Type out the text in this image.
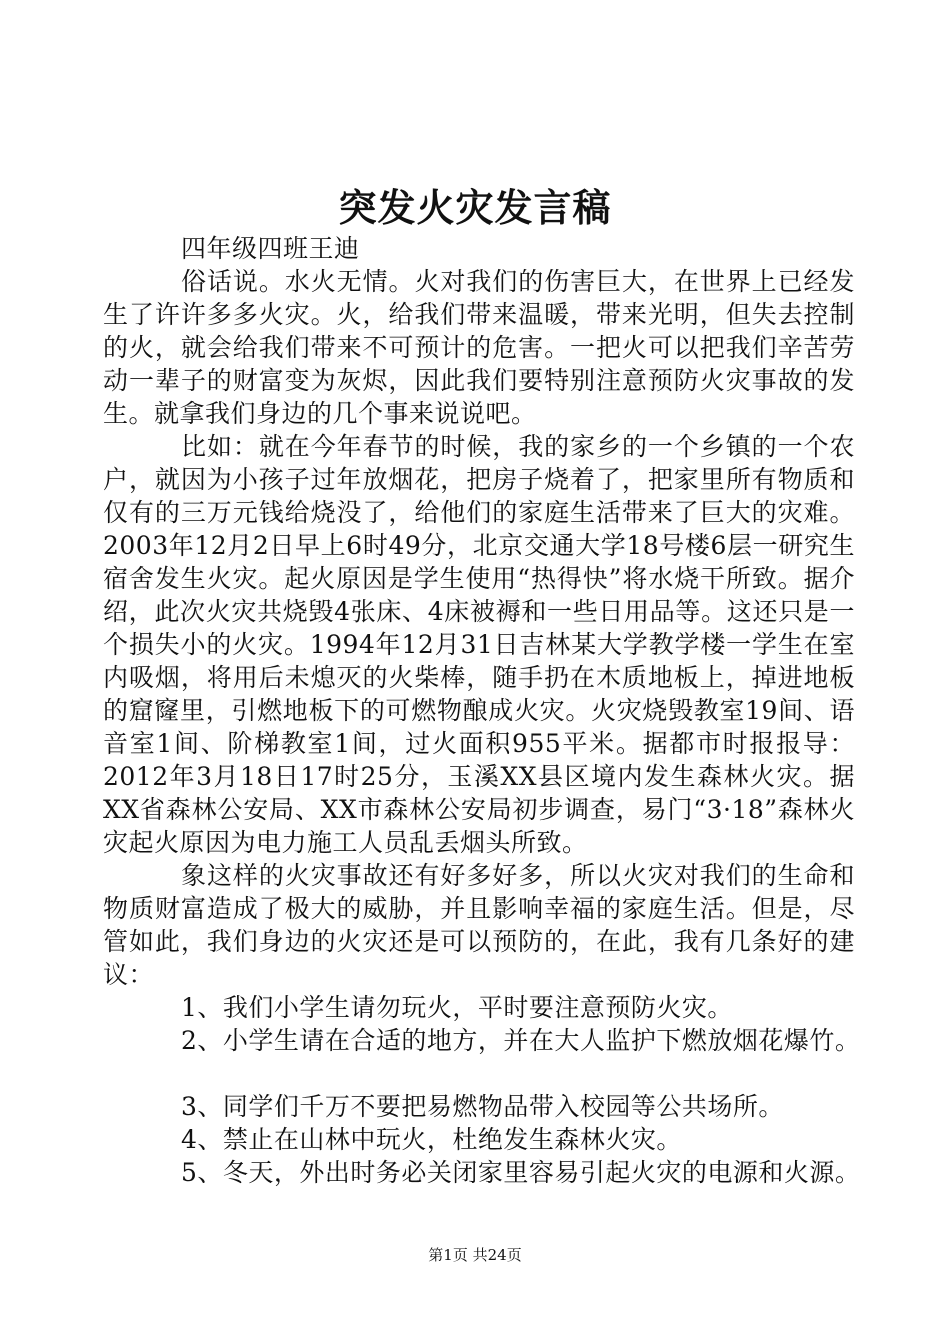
突发火灾发言稿

四年级四班王迪

俗话说。水火无情。火对我们的伤害巨大，在世界上已经发生了许许多多火灾。火，给我们带来温暖，带来光明，但失去控制的火，就会给我们带来不可预计的危害。一把火可以把我们辛苦劳动一辈子的财富变为灰烬，因此我们要特别注意预防火灾事故的发生。就拿我们身边的几个事来说说吧。

比如：就在今年春节的时候，我的家乡的一个乡镇的一个农户，就因为小孩子过年放烟花，把房子烧着了，把家里所有物质和仅有的三万元钱给烧没了，给他们的家庭生活带来了巨大的灾难。2003年12月2日早上6时49分，北京交通大学18号楼6层一研究生宿舍发生火灾。起火原因是学生使用“热得快”将水烧干所致。据介绍，此次火灾共烧毁4张床、4床被褥和一些日用品等。这还只是一个损失小的火灾。1994年12月31日吉林某大学教学楼一学生在室内吸烟，将用后未熄灭的火柴棒，随手扔在木质地板上，掉进地板的窟窿里，引燃地板下的可燃物酿成火灾。火灾烧毁教室19间、语音室1间、阶梯教室1间，过火面积955平米。据都市时报报导：2012年3月18日17时25分，玉溪XX县区境内发生森林火灾。据XX省森林公安局、XX市森林公安局初步调查，易门“3·18”森林火灾起火原因为电力施工人员乱丢烟头所致。

象这样的火灾事故还有好多好多，所以火灾对我们的生命和物质财富造成了极大的威胁，并且影响幸福的家庭生活。但是，尽管如此，我们身边的火灾还是可以预防的，在此，我有几条好的建议：

1、我们小学生请勿玩火，平时要注意预防火灾。

2、小学生请在合适的地方，并在大人监护下燃放烟花爆竹。

3、同学们千万不要把易燃物品带入校园等公共场所。

4、禁止在山林中玩火，杜绝发生森林火灾。

5、冬天，外出时务必关闭家里容易引起火灾的电源和火源。

第1页 共24页
